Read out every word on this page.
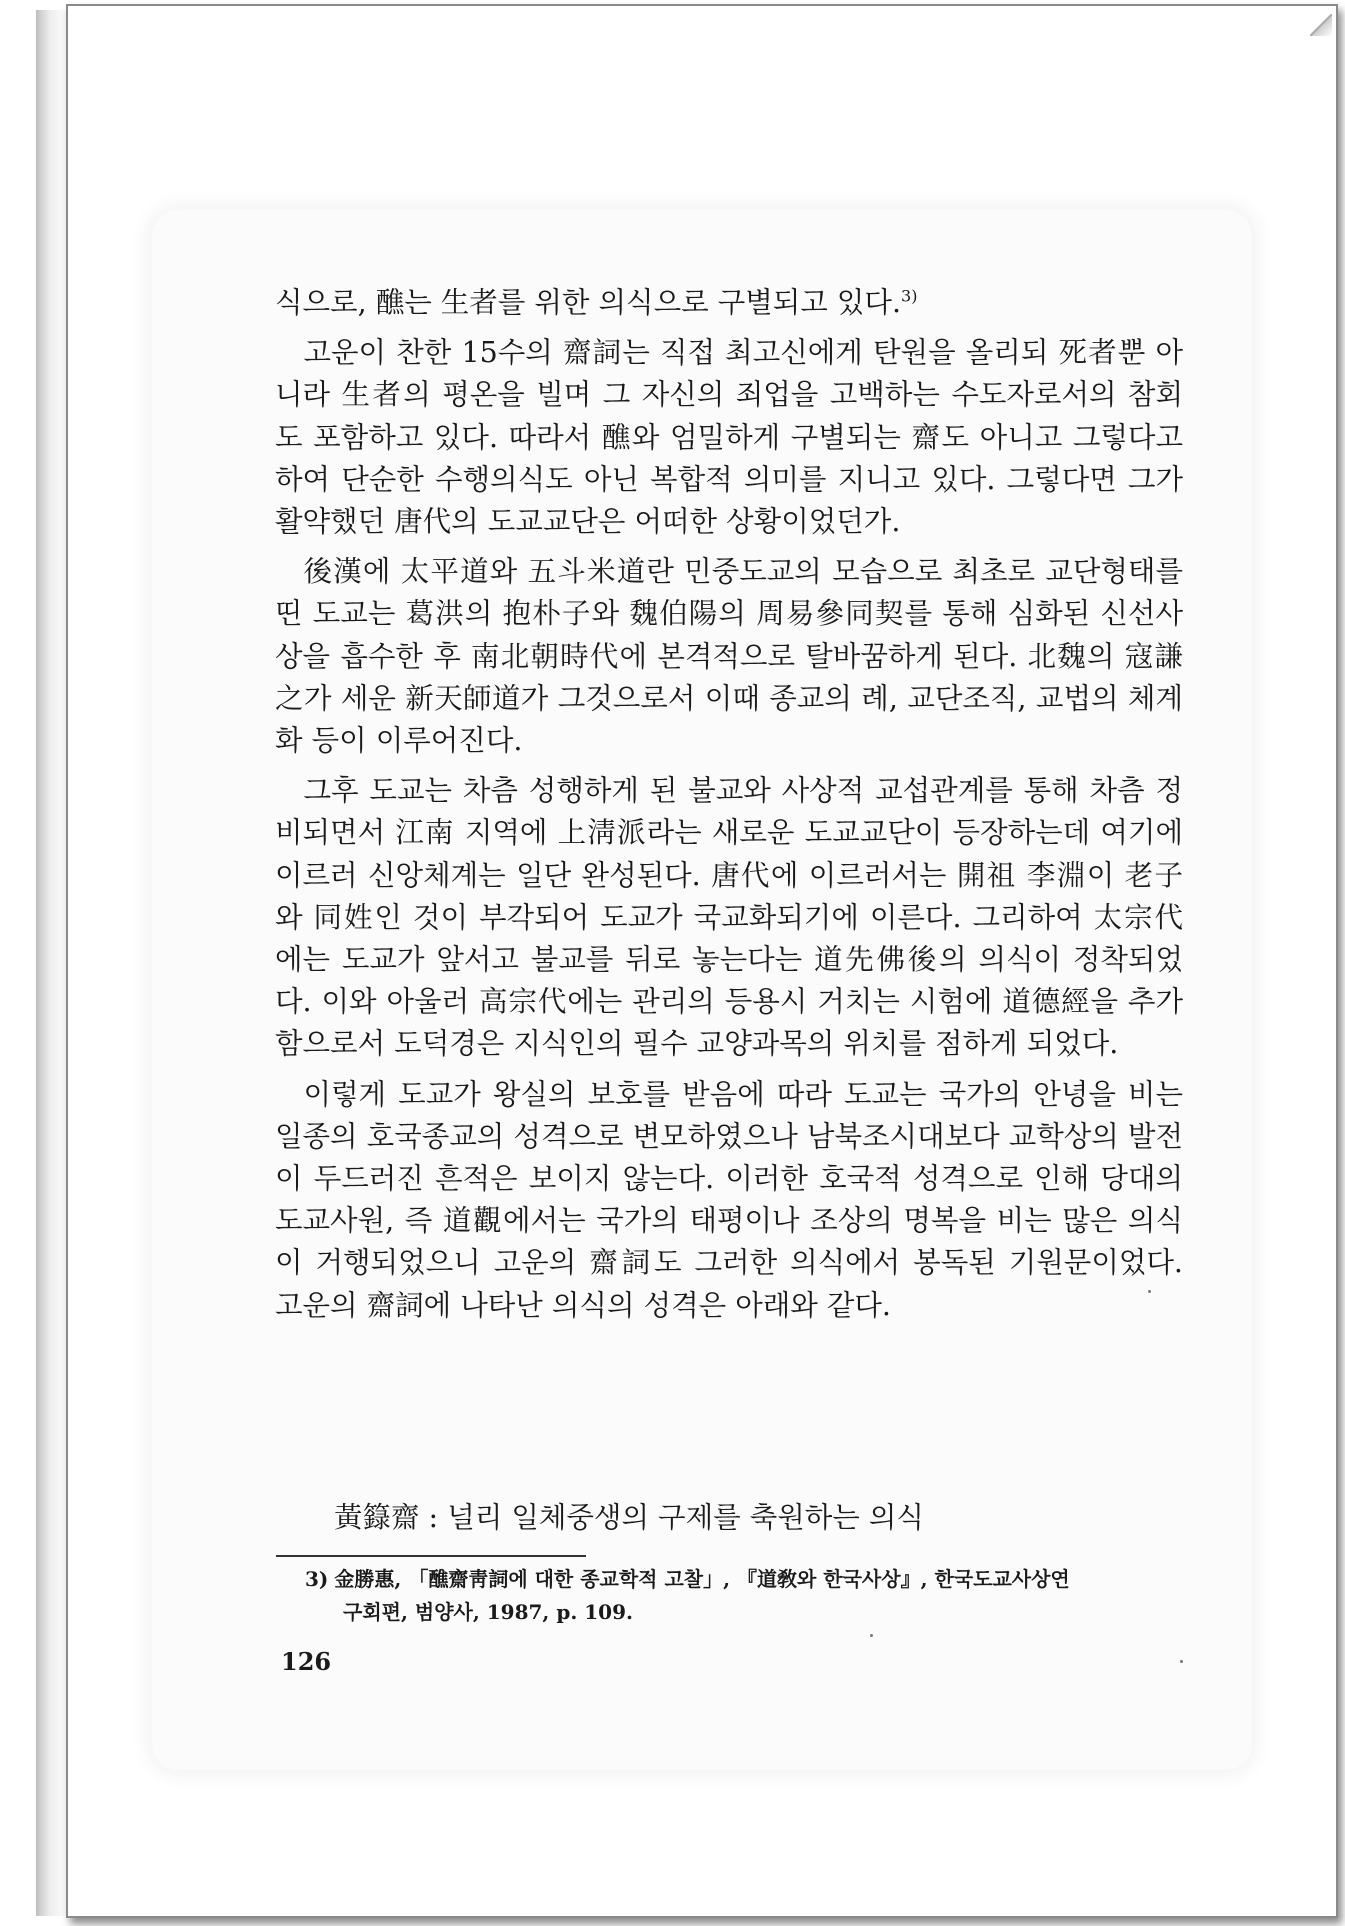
식으로, 醮는 生者를 위한 의식으로 구별되고 있다.$^{3)}$

고운이 찬한 15수의 齋詞는 직접 최고신에게 탄원을 올리되 死者뿐 아니라 生者의 평온을 빌며 그 자신의 죄업을 고백하는 수도자로서의 참회도 포함하고 있다. 따라서 醮와 엄밀하게 구별되는 齋도 아니고 그렇다고 하여 단순한 수행의식도 아닌 복합적 의미를 지니고 있다. 그렇다면 그가 활약했던 唐代의 도교교단은 어떠한 상황이었던가.

後漢에 太平道와 五斗米道란 민중도교의 모습으로 최초로 교단형태를 띤 도교는 葛洪의 抱朴子와 魏伯陽의 周易參同契를 통해 심화된 신선사상을 흡수한 후 南北朝時代에 본격적으로 탈바꿈하게 된다. 北魏의 寇謙之가 세운 新天師道가 그것으로서 이때 종교의 례, 교단조직, 교법의 체계화 등이 이루어진다.

그후 도교는 차츰 성행하게 된 불교와 사상적 교섭관계를 통해 차츰 정비되면서 江南 지역에 上淸派라는 새로운 도교교단이 등장하는데 여기에 이르러 신앙체계는 일단 완성된다. 唐代에 이르러서는 開祖 李淵이 老子와 同姓인 것이 부각되어 도교가 국교화되기에 이른다. 그리하여 太宗代에는 도교가 앞서고 불교를 뒤로 놓는다는 道先佛後의 의식이 정착되었다. 이와 아울러 高宗代에는 관리의 등용시 거치는 시험에 道德經을 추가함으로서 도덕경은 지식인의 필수 교양과목의 위치를 점하게 되었다.

이렇게 도교가 왕실의 보호를 받음에 따라 도교는 국가의 안녕을 비는 일종의 호국종교의 성격으로 변모하였으나 남북조시대보다 교학상의 발전이 두드러진 흔적은 보이지 않는다. 이러한 호국적 성격으로 인해 당대의 도교사원, 즉 道觀에서는 국가의 태평이나 조상의 명복을 비는 많은 의식이 거행되었으니 고운의 齋詞도 그러한 의식에서 봉독된 기원문이었다. 고운의 齋詞에 나타난 의식의 성격은 아래와 같다.

黃籙齋 : 널리 일체중생의 구제를 축원하는 의식
3) 金勝惠, 「醮齋靑詞에 대한 종교학적 고찰」, 『道敎와 한국사상』, 한국도교사상연
구회편, 범양사, 1987, p. 109.
126
